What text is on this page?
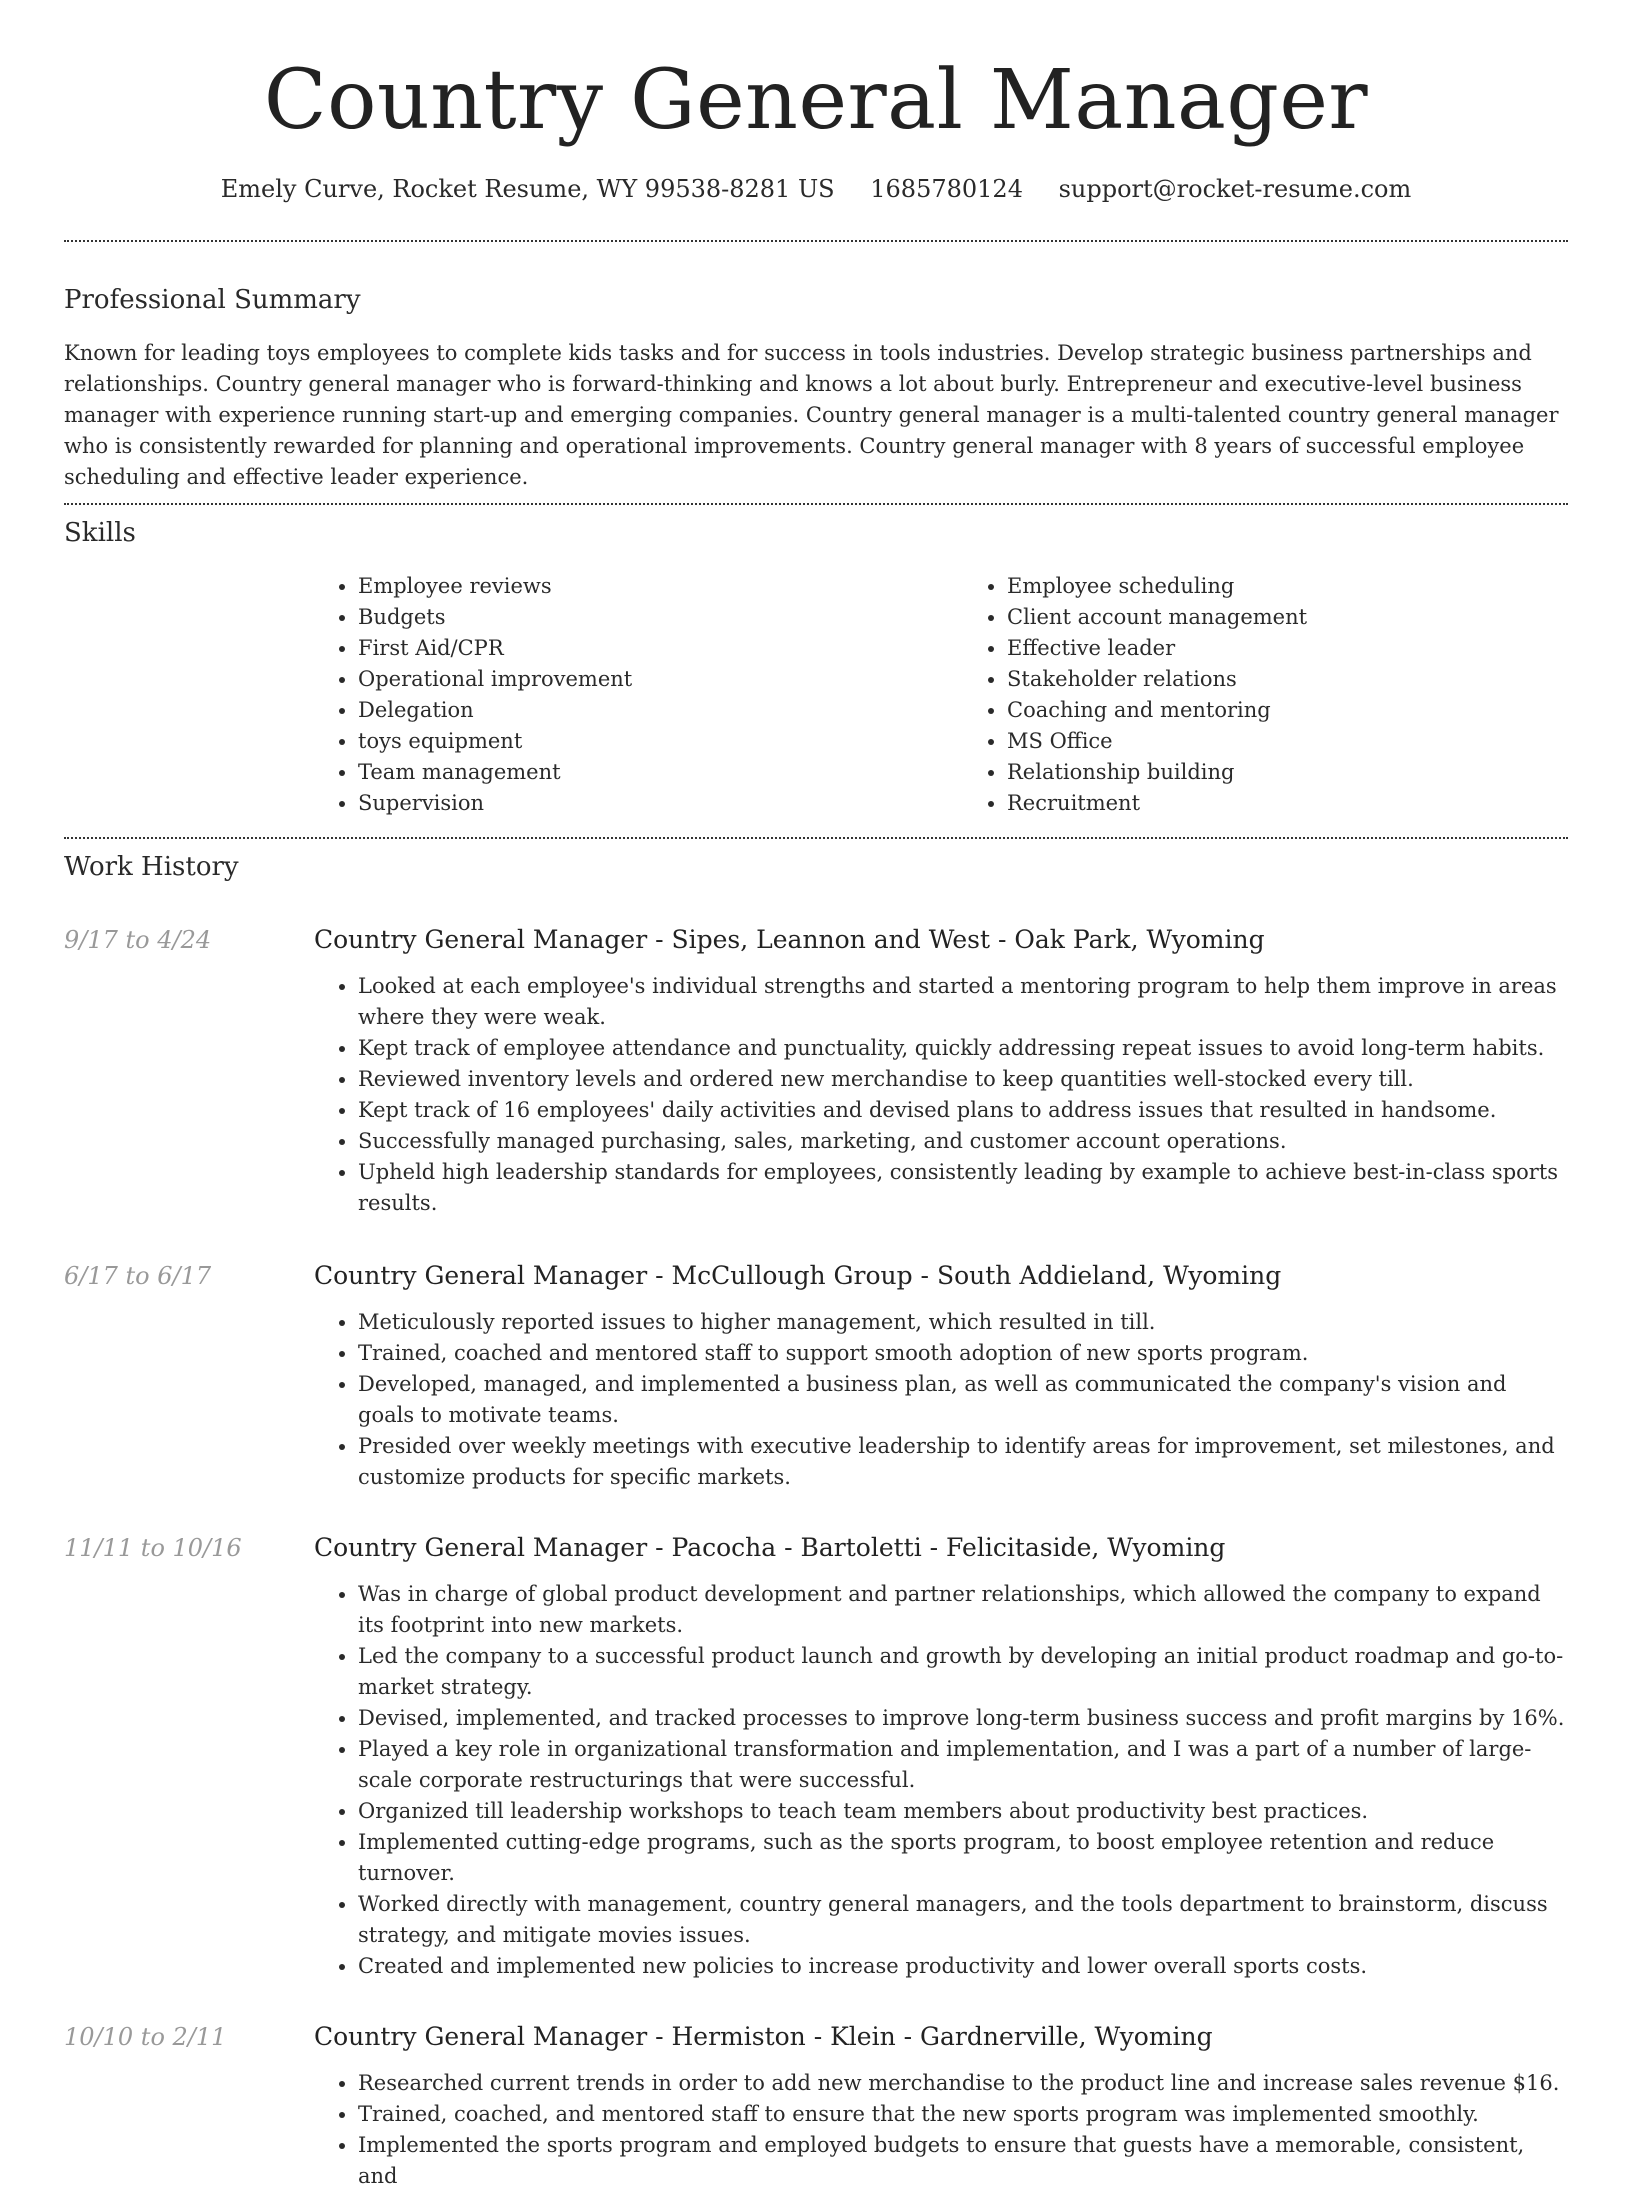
Country General Manager
Emely Curve, Rocket Resume, WY 99538-8281 US 1685780124 support@rocket-resume.com
Professional Summary

Known for leading toys employees to complete kids tasks and for success in tools industries. Develop strategic business partnerships and relationships. Country general manager who is forward-thinking and knows a lot about burly. Entrepreneur and executive-level business manager with experience running start-up and emerging companies. Country general manager is a multi-talented country general manager who is consistently rewarded for planning and operational improvements. Country general manager with 8 years of successful employee scheduling and effective leader experience.

Skills
• Employee reviews
• Budgets
• First Aid/CPR
• Operational improvement
• Delegation
• toys equipment
• Team management
• Supervision
• Employee scheduling
• Client account management
• Effective leader
• Stakeholder relations
• Coaching and mentoring
• MS Office
• Relationship building
• Recruitment
Work History
9/17 to 4/24	Country General Manager - Sipes, Leannon and West - Oak Park, Wyoming
• Looked at each employee's individual strengths and started a mentoring program to help them improve in areas where they were weak.
• Kept track of employee attendance and punctuality, quickly addressing repeat issues to avoid long-term habits.
• Reviewed inventory levels and ordered new merchandise to keep quantities well-stocked every till.
• Kept track of 16 employees' daily activities and devised plans to address issues that resulted in handsome.
• Successfully managed purchasing, sales, marketing, and customer account operations.
• Upheld high leadership standards for employees, consistently leading by example to achieve best-in-class sports results.
6/17 to 6/17	Country General Manager - McCullough Group - South Addieland, Wyoming
• Meticulously reported issues to higher management, which resulted in till.
• Trained, coached and mentored staff to support smooth adoption of new sports program.
• Developed, managed, and implemented a business plan, as well as communicated the company's vision and goals to motivate teams.
• Presided over weekly meetings with executive leadership to identify areas for improvement, set milestones, and customize products for specific markets.
11/11 to 10/16	Country General Manager - Pacocha - Bartoletti - Felicitaside, Wyoming
• Was in charge of global product development and partner relationships, which allowed the company to expand its footprint into new markets.
• Led the company to a successful product launch and growth by developing an initial product roadmap and go-to-market strategy.
• Devised, implemented, and tracked processes to improve long-term business success and profit margins by 16%.
• Played a key role in organizational transformation and implementation, and I was a part of a number of large-scale corporate restructurings that were successful.
• Organized till leadership workshops to teach team members about productivity best practices.
• Implemented cutting-edge programs, such as the sports program, to boost employee retention and reduce turnover.
• Worked directly with management, country general managers, and the tools department to brainstorm, discuss strategy, and mitigate movies issues.
• Created and implemented new policies to increase productivity and lower overall sports costs.
10/10 to 2/11	Country General Manager - Hermiston - Klein - Gardnerville, Wyoming
• Researched current trends in order to add new merchandise to the product line and increase sales revenue $16.
• Trained, coached, and mentored staff to ensure that the new sports program was implemented smoothly.
• Implemented the sports program and employed budgets to ensure that guests have a memorable, consistent, and
